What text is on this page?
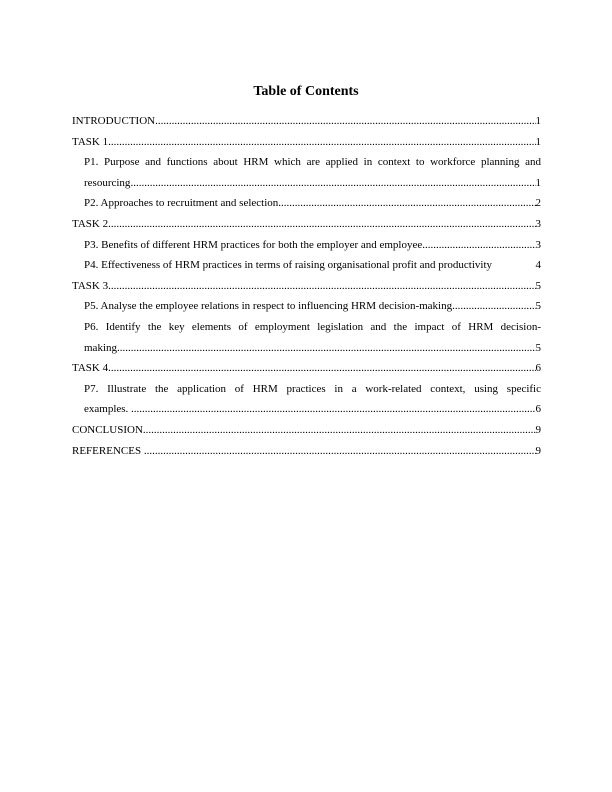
Table of Contents
INTRODUCTION .....	1
TASK 1 .....	1
P1. Purpose and functions about HRM which are applied in context to workforce planning and
resourcing .....	1
P2. Approaches to recruitment and selection .....	2
TASK 2 .....	3
P3. Benefits of different HRM practices for both the employer and employee. .....	3
P4. Effectiveness of HRM practices in terms of raising organisational profit and productivity	4
TASK 3 .....	5
P5. Analyse the employee relations in respect to influencing HRM decision-making .....	5
P6. Identify the key elements of employment legislation and the impact of HRM decision-
making .....	5
TASK 4 .....	6
P7. Illustrate the application of HRM practices in a work-related context, using specific
examples. .....	6
CONCLUSION .....	9
REFERENCES .....	9
